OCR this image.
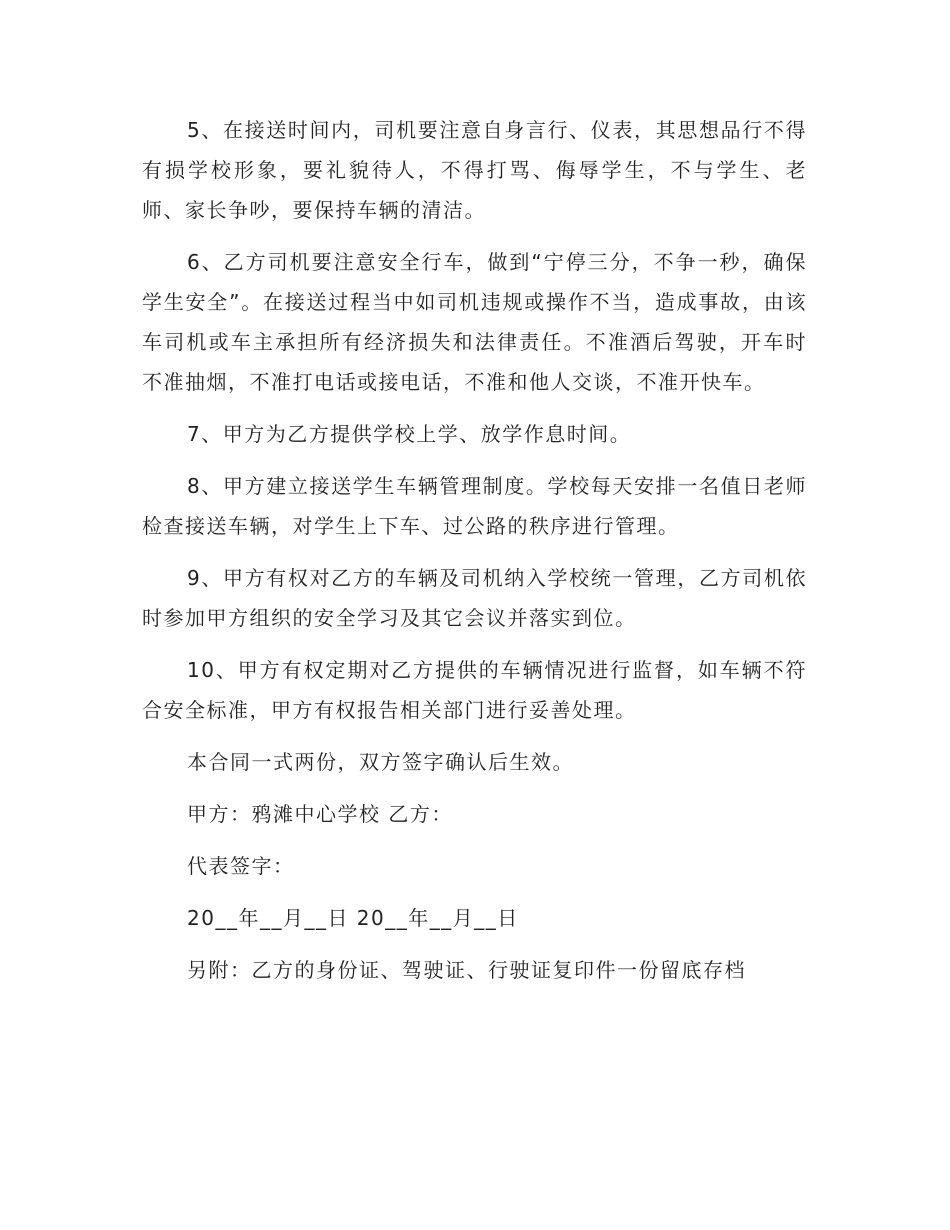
5、在接送时间内，司机要注意自身言行、仪表，其思想品行不得有损学校形象，要礼貌待人，不得打骂、侮辱学生，不与学生、老师、家长争吵，要保持车辆的清洁。

6、乙方司机要注意安全行车，做到“宁停三分，不争一秒，确保学生安全”。在接送过程当中如司机违规或操作不当，造成事故，由该车司机或车主承担所有经济损失和法律责任。不准酒后驾驶，开车时不准抽烟，不准打电话或接电话，不准和他人交谈，不准开快车。

7、甲方为乙方提供学校上学、放学作息时间。

8、甲方建立接送学生车辆管理制度。学校每天安排一名值日老师检查接送车辆，对学生上下车、过公路的秩序进行管理。

9、甲方有权对乙方的车辆及司机纳入学校统一管理，乙方司机依时参加甲方组织的安全学习及其它会议并落实到位。

10、甲方有权定期对乙方提供的车辆情况进行监督，如车辆不符合安全标准，甲方有权报告相关部门进行妥善处理。

本合同一式两份，双方签字确认后生效。

甲方：鸦滩中心学校 乙方：

代表签字：

20__年__月__日 20__年__月__日

另附：乙方的身份证、驾驶证、行驶证复印件一份留底存档
